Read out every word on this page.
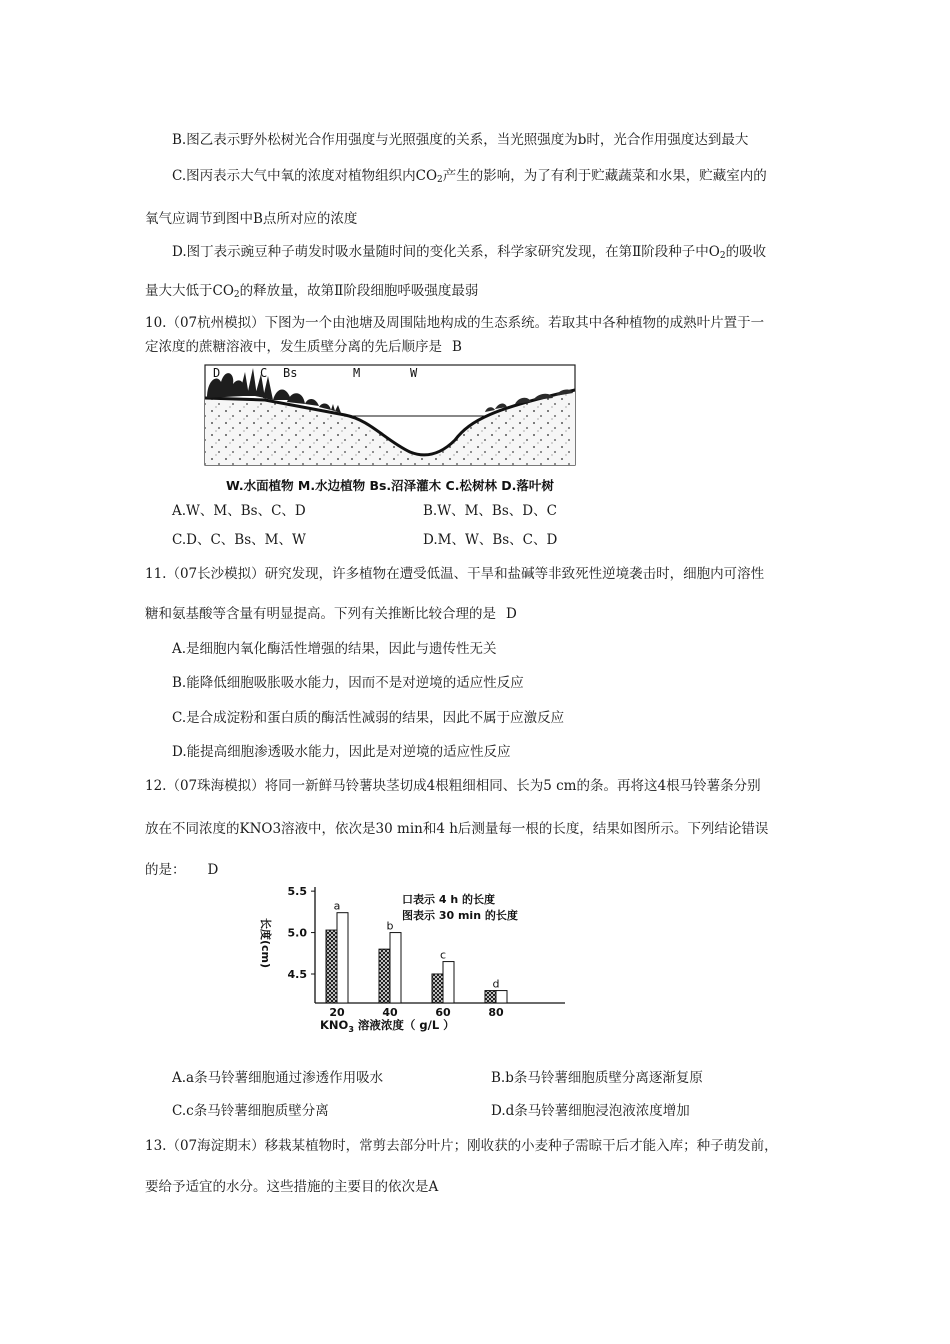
B.图乙表示野外松树光合作用强度与光照强度的关系，当光照强度为b时，光合作用强度达到最大
C.图丙表示大气中氧的浓度对植物组织内$CO_2$产生的影响，为了有利于贮藏蔬菜和水果，贮藏室内的
氧气应调节到图中B点所对应的浓度
D.图丁表示豌豆种子萌发时吸水量随时间的变化关系，科学家研究发现，在第Ⅱ阶段种子中$O_2$的吸收
量大大低于$CO_2$的释放量，故第Ⅱ阶段细胞呼吸强度最弱
10.（07杭州模拟）下图为一个由池塘及周围陆地构成的生态系统。若取其中各种植物的成熟叶片置于一
定浓度的蔗糖溶液中，发生质壁分离的先后顺序是 B
D	C Bs	M	W
W.水面植物 M.水边植物 Bs.沼泽灌木 C.松树林 D.落叶树
A.W、M、Bs、C、D	B.W、M、Bs、D、C
C.D、C、Bs、M、W	D.M、W、Bs、C、D
11.（07长沙模拟）研究发现，许多植物在遭受低温、干旱和盐碱等非致死性逆境袭击时，细胞内可溶性
糖和氨基酸等含量有明显提高。下列有关推断比较合理的是 D
A.是细胞内氧化酶活性增强的结果，因此与遗传性无关
B.能降低细胞吸胀吸水能力，因而不是对逆境的适应性反应
C.是合成淀粉和蛋白质的酶活性减弱的结果，因此不属于应激反应
D.能提高细胞渗透吸水能力，因此是对逆境的适应性反应
12.（07珠海模拟）将同一新鲜马铃薯块茎切成4根粗细相同、长为5 cm的条。再将这4根马铃薯条分别
放在不同浓度的KNO3溶液中，依次是30 min和4 h后测量每一根的长度，结果如图所示。下列结论错误
的是： D
长度(cm)
5.5
5.0
4.5
a
b
c
d
20	40	60	80
口表示 4 h 的长度
图表示 30 min 的长度
$KNO_3$ 溶液浓度（ g/L ）
A.a条马铃薯细胞通过渗透作用吸水	B.b条马铃薯细胞质壁分离逐渐复原
C.c条马铃薯细胞质壁分离	D.d条马铃薯细胞浸泡液浓度增加
13.（07海淀期末）移栽某植物时，常剪去部分叶片；刚收获的小麦种子需晾干后才能入库；种子萌发前，
要给予适宜的水分。这些措施的主要目的依次是A
